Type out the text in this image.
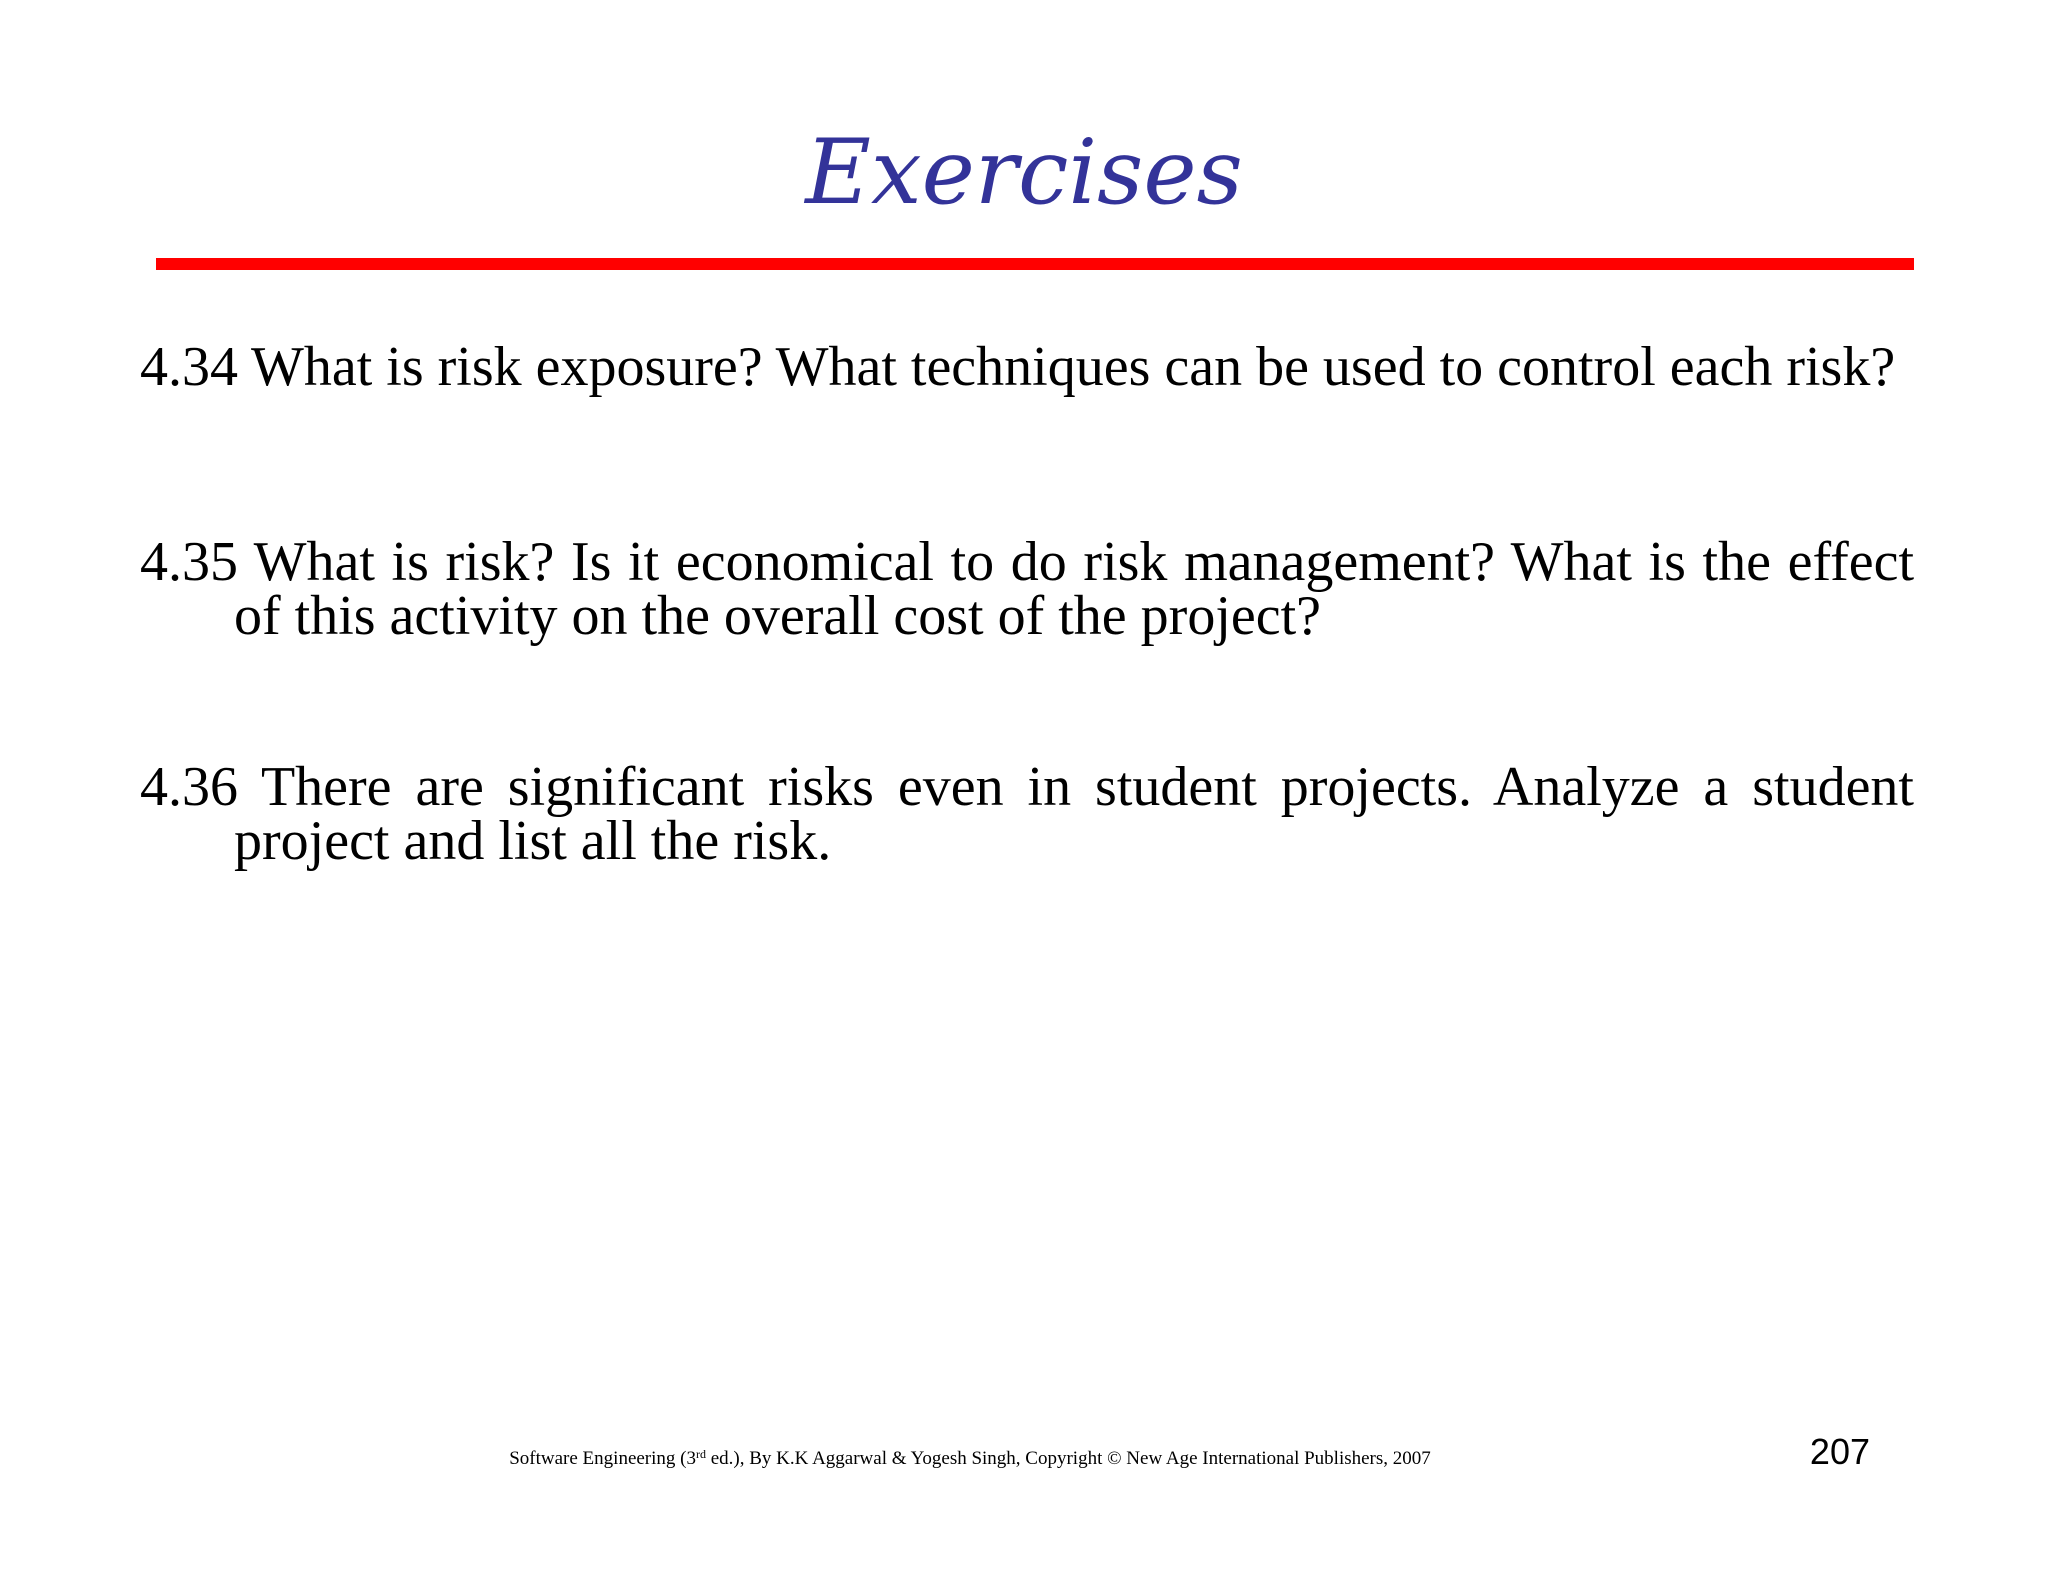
Exercises

4.34 What is risk exposure? What techniques can be used to control each risk?

4.35 What is risk? Is it economical to do risk management? What is the effect of this activity on the overall cost of the project?

4.36 There are significant risks even in student projects. Analyze a student project and list all the risk.

Software Engineering (3rd ed.), By K.K Aggarwal & Yogesh Singh, Copyright © New Age International Publishers, 2007	207
